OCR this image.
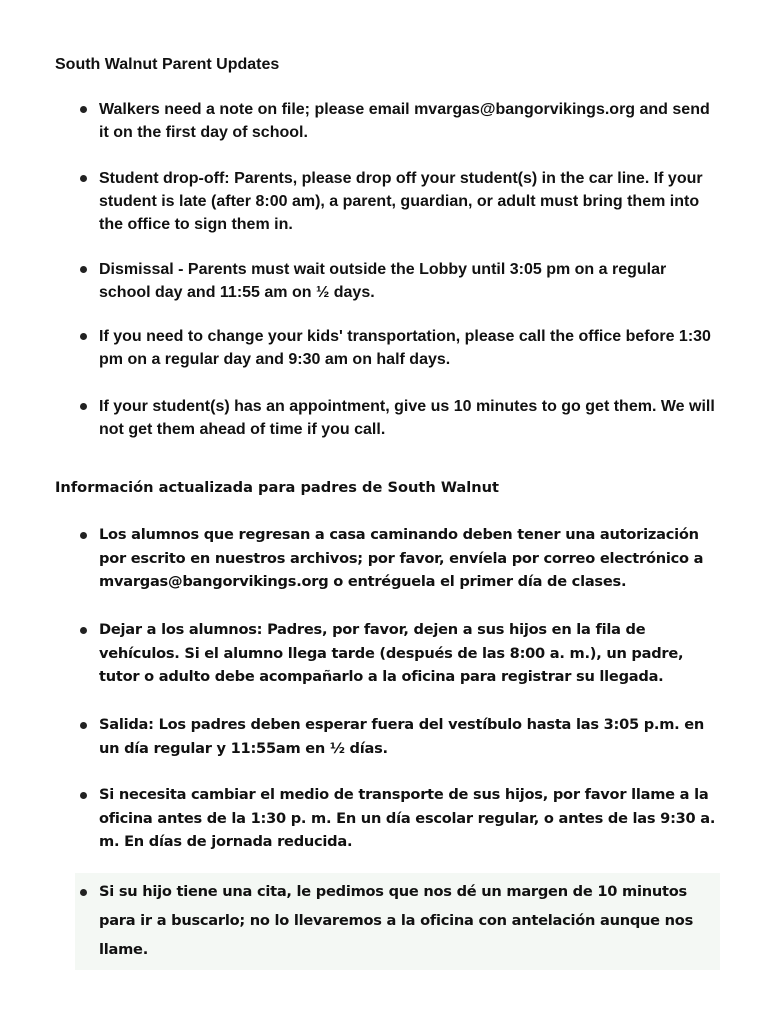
South Walnut Parent Updates
Walkers need a note on file; please email mvargas@bangorvikings.org and send it on the first day of school.
Student drop-off: Parents, please drop off your student(s) in the car line. If your student is late (after 8:00 am), a parent, guardian, or adult must bring them into the office to sign them in.
Dismissal - Parents must wait outside the Lobby until 3:05 pm on a regular school day and 11:55 am on ½ days.
If you need to change your kids' transportation, please call the office before 1:30 pm on a regular day and 9:30 am on half days.
If your student(s) has an appointment, give us 10 minutes to go get them. We will not get them ahead of time if you call.
Información actualizada para padres de South Walnut
Los alumnos que regresan a casa caminando deben tener una autorización por escrito en nuestros archivos; por favor, envíela por correo electrónico a mvargas@bangorvikings.org o entréguela el primer día de clases.
Dejar a los alumnos: Padres, por favor, dejen a sus hijos en la fila de vehículos. Si el alumno llega tarde (después de las 8:00 a. m.), un padre, tutor o adulto debe acompañarlo a la oficina para registrar su llegada.
Salida: Los padres deben esperar fuera del vestíbulo hasta las 3:05 p.m. en un día regular y 11:55am en ½ días.
Si necesita cambiar el medio de transporte de sus hijos, por favor llame a la oficina antes de la 1:30 p. m. En un día escolar regular, o antes de las 9:30 a. m. En días de jornada reducida.
Si su hijo tiene una cita, le pedimos que nos dé un margen de 10 minutos para ir a buscarlo; no lo llevaremos a la oficina con antelación aunque nos llame.
